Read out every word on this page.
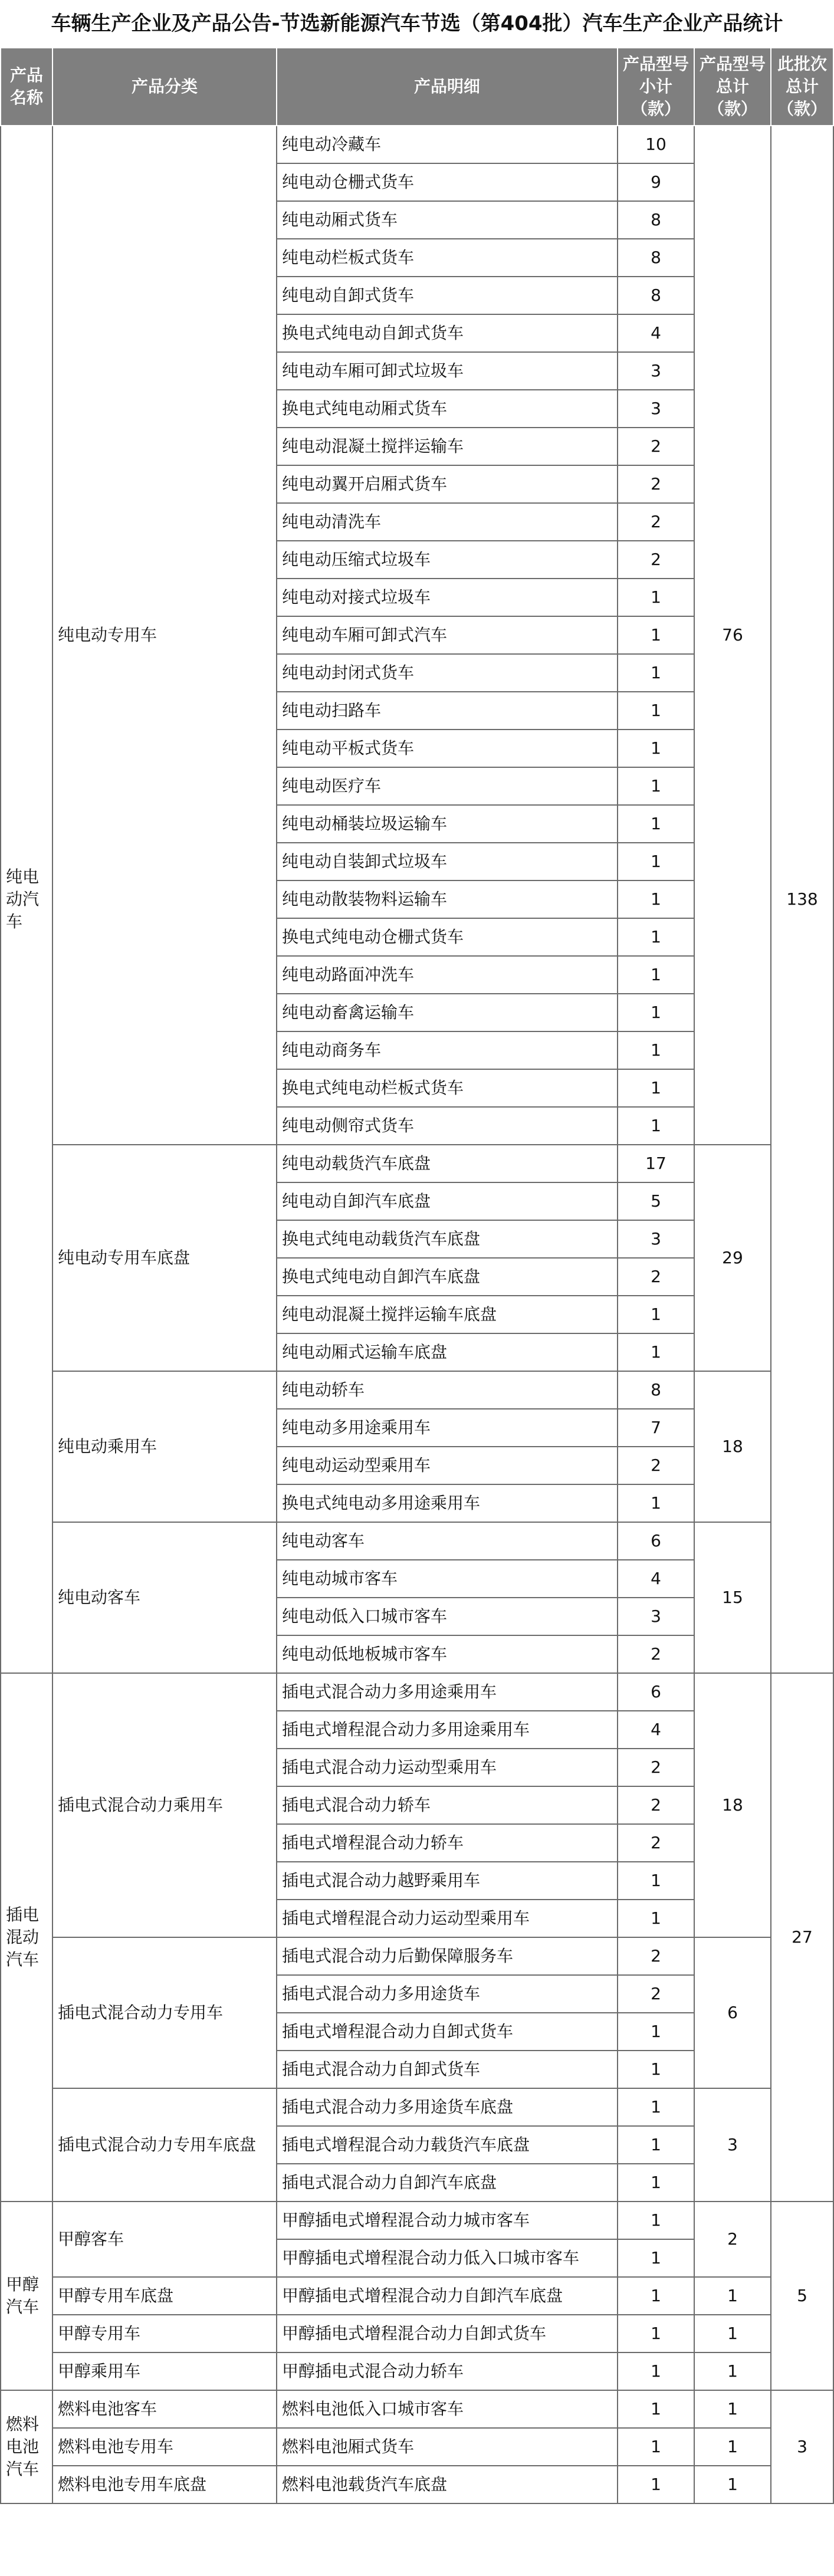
车辆生产企业及产品公告-节选新能源汽车节选（第404批）汽车生产企业产品统计
产品名称	产品分类	产品明细	产品型号小计（款）	产品型号总计（款）	此批次总计（款）
纯电动汽车	纯电动专用车	纯电动冷藏车	10	76	138
		纯电动仓栅式货车	9		
		纯电动厢式货车	8		
		纯电动栏板式货车	8		
		纯电动自卸式货车	8		
		换电式纯电动自卸式货车	4		
		纯电动车厢可卸式垃圾车	3		
		换电式纯电动厢式货车	3		
		纯电动混凝土搅拌运输车	2		
		纯电动翼开启厢式货车	2		
		纯电动清洗车	2		
		纯电动压缩式垃圾车	2		
		纯电动对接式垃圾车	1		
		纯电动车厢可卸式汽车	1		
		纯电动封闭式货车	1		
		纯电动扫路车	1		
		纯电动平板式货车	1		
		纯电动医疗车	1		
		纯电动桶装垃圾运输车	1		
		纯电动自装卸式垃圾车	1		
		纯电动散装物料运输车	1		
		换电式纯电动仓栅式货车	1		
		纯电动路面冲洗车	1		
		纯电动畜禽运输车	1		
		纯电动商务车	1		
		换电式纯电动栏板式货车	1		
		纯电动侧帘式货车	1		
	纯电动专用车底盘	纯电动载货汽车底盘	17	29	
		纯电动自卸汽车底盘	5		
		换电式纯电动载货汽车底盘	3		
		换电式纯电动自卸汽车底盘	2		
		纯电动混凝土搅拌运输车底盘	1		
		纯电动厢式运输车底盘	1		
	纯电动乘用车	纯电动轿车	8	18	
		纯电动多用途乘用车	7		
		纯电动运动型乘用车	2		
		换电式纯电动多用途乘用车	1		
	纯电动客车	纯电动客车	6	15	
		纯电动城市客车	4		
		纯电动低入口城市客车	3		
		纯电动低地板城市客车	2		
插电混动汽车	插电式混合动力乘用车	插电式混合动力多用途乘用车	6	18	27
		插电式增程混合动力多用途乘用车	4		
		插电式混合动力运动型乘用车	2		
		插电式混合动力轿车	2		
		插电式增程混合动力轿车	2		
		插电式混合动力越野乘用车	1		
		插电式增程混合动力运动型乘用车	1		
	插电式混合动力专用车	插电式混合动力后勤保障服务车	2	6	
		插电式混合动力多用途货车	2		
		插电式增程混合动力自卸式货车	1		
		插电式混合动力自卸式货车	1		
	插电式混合动力专用车底盘	插电式混合动力多用途货车底盘	1	3	
		插电式增程混合动力载货汽车底盘	1		
		插电式混合动力自卸汽车底盘	1		
甲醇汽车	甲醇客车	甲醇插电式增程混合动力城市客车	1	2	5
		甲醇插电式增程混合动力低入口城市客车	1		
	甲醇专用车底盘	甲醇插电式增程混合动力自卸汽车底盘	1	1	
	甲醇专用车	甲醇插电式增程混合动力自卸式货车	1	1	
	甲醇乘用车	甲醇插电式混合动力轿车	1	1	
燃料电池汽车	燃料电池客车	燃料电池低入口城市客车	1	1	3
	燃料电池专用车	燃料电池厢式货车	1	1	
	燃料电池专用车底盘	燃料电池载货汽车底盘	1	1	
